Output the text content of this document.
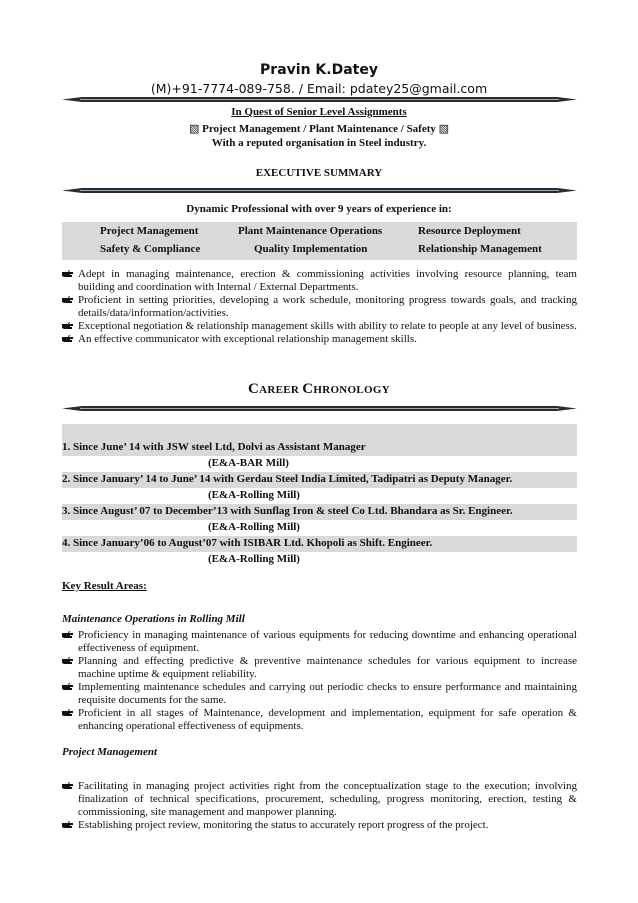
Pravin K.Datey
(M)+91-7774-089-758. / Email: pdatey25@gmail.com
In Quest of Senior Level Assignments
▧ Project Management / Plant Maintenance / Safety ▧
With a reputed organisation in Steel industry.
EXECUTIVE SUMMARY
Dynamic Professional with over 9 years of experience in:
Project Management	Plant Maintenance Operations	Resource Deployment
Safety & Compliance	Quality Implementation	Relationship Management

Adept in managing maintenance, erection & commissioning activities involving resource planning, team building and coordination with Internal / External Departments.

Proficient in setting priorities, developing a work schedule, monitoring progress towards goals, and tracking details/data/information/activities.

Exceptional negotiation & relationship management skills with ability to relate to people at any level of business.

An effective communicator with exceptional relationship management skills.

CAREER CHRONOLOGY
1. Since June’ 14 with JSW steel Ltd, Dolvi as Assistant Manager
(E&A-BAR Mill)
2. Since January’ 14 to June’ 14 with Gerdau Steel India Limited, Tadipatri as Deputy Manager.
(E&A-Rolling Mill)
3. Since August’ 07 to December’13 with Sunflag Iron & steel Co Ltd. Bhandara as Sr. Engineer.
(E&A-Rolling Mill)
4. Since January’06 to August’07 with ISIBAR Ltd. Khopoli as Shift. Engineer.
(E&A-Rolling Mill)
Key Result Areas:
Maintenance Operations in Rolling Mill

Proficiency in managing maintenance of various equipments for reducing downtime and enhancing operational effectiveness of equipment.

Planning and effecting predictive & preventive maintenance schedules for various equipment to increase machine uptime & equipment reliability.

Implementing maintenance schedules and carrying out periodic checks to ensure performance and maintaining requisite documents for the same.

Proficient in all stages of Maintenance, development and implementation, equipment for safe operation & enhancing operational effectiveness of equipments.

Project Management

Facilitating in managing project activities right from the conceptualization stage to the execution; involving finalization of technical specifications, procurement, scheduling, progress monitoring, erection, testing & commissioning, site management and manpower planning.

Establishing project review, monitoring the status to accurately report progress of the project.
